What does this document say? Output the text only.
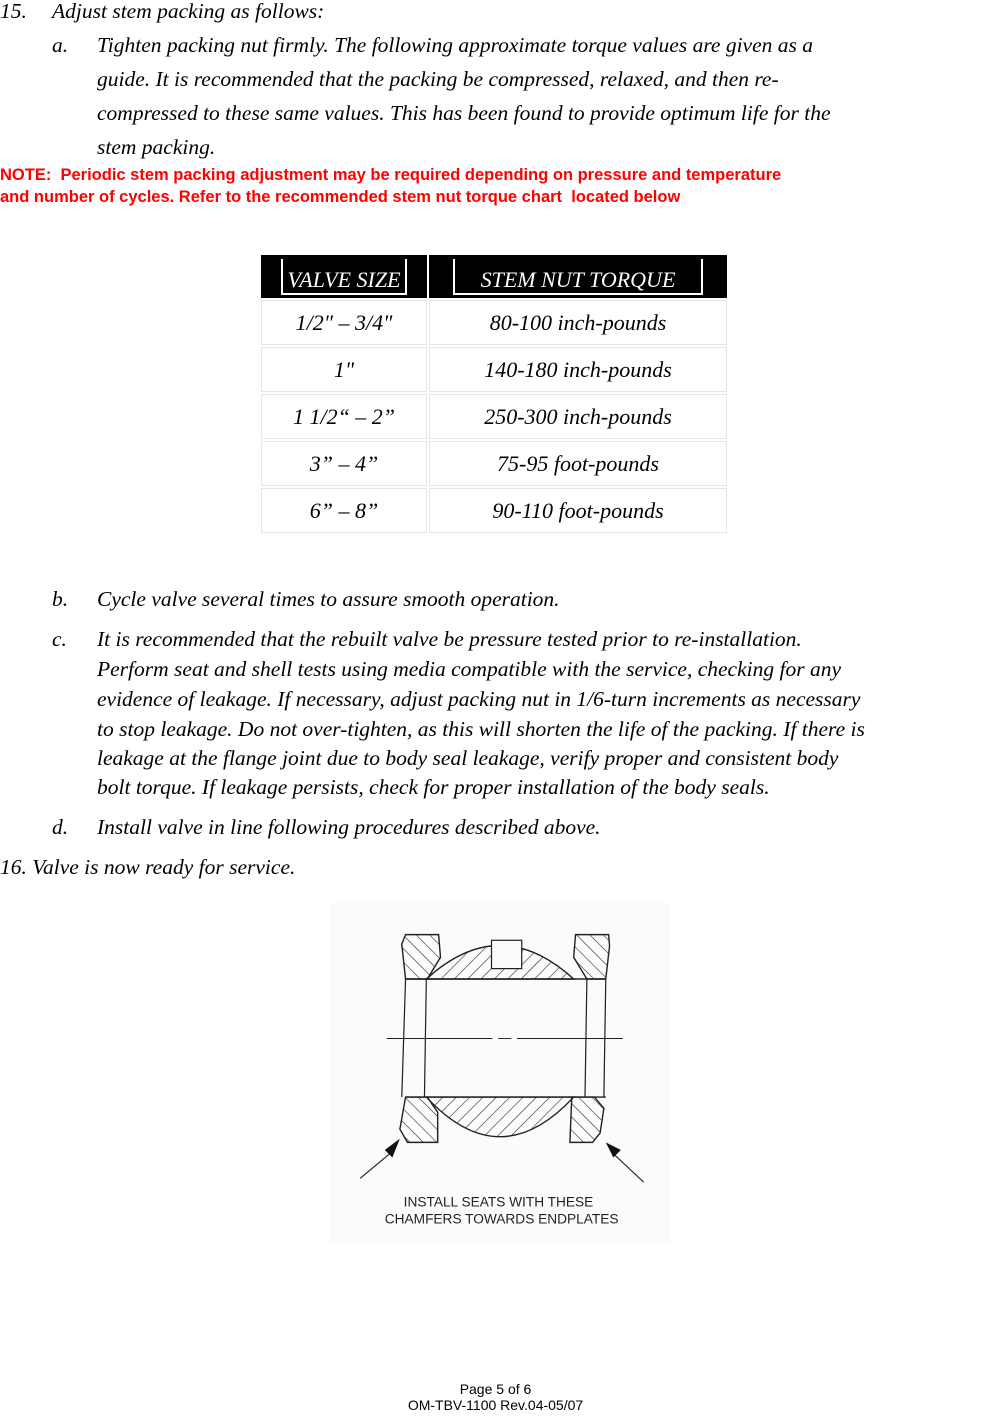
15. Adjust stem packing as follows:
a. Tighten packing nut firmly. The following approximate torque values are given as a
guide. It is recommended that the packing be compressed, relaxed, and then re-
compressed to these same values. This has been found to provide optimum life for the
stem packing.
NOTE:  Periodic stem packing adjustment may be required depending on pressure and temperature
and number of cycles. Refer to the recommended stem nut torque chart  located below
VALVE SIZE	STEM NUT TORQUE
1/2" – 3/4"	80-100 inch-pounds
1"	140-180 inch-pounds
1 1/2“ – 2”	250-300 inch-pounds
3” – 4”	75-95 foot-pounds
6” – 8”	90-110 foot-pounds
b. Cycle valve several times to assure smooth operation.
c. It is recommended that the rebuilt valve be pressure tested prior to re-installation.
Perform seat and shell tests using media compatible with the service, checking for any
evidence of leakage. If necessary, adjust packing nut in 1/6-turn increments as necessary
to stop leakage. Do not over-tighten, as this will shorten the life of the packing. If there is
leakage at the flange joint due to body seal leakage, verify proper and consistent body
bolt torque. If leakage persists, check for proper installation of the body seals.
d. Install valve in line following procedures described above.
16. Valve is now ready for service.
INSTALL SEATS WITH THESE
CHAMFERS TOWARDS ENDPLATES
Page 5 of 6
OM-TBV-1100 Rev.04-05/07
